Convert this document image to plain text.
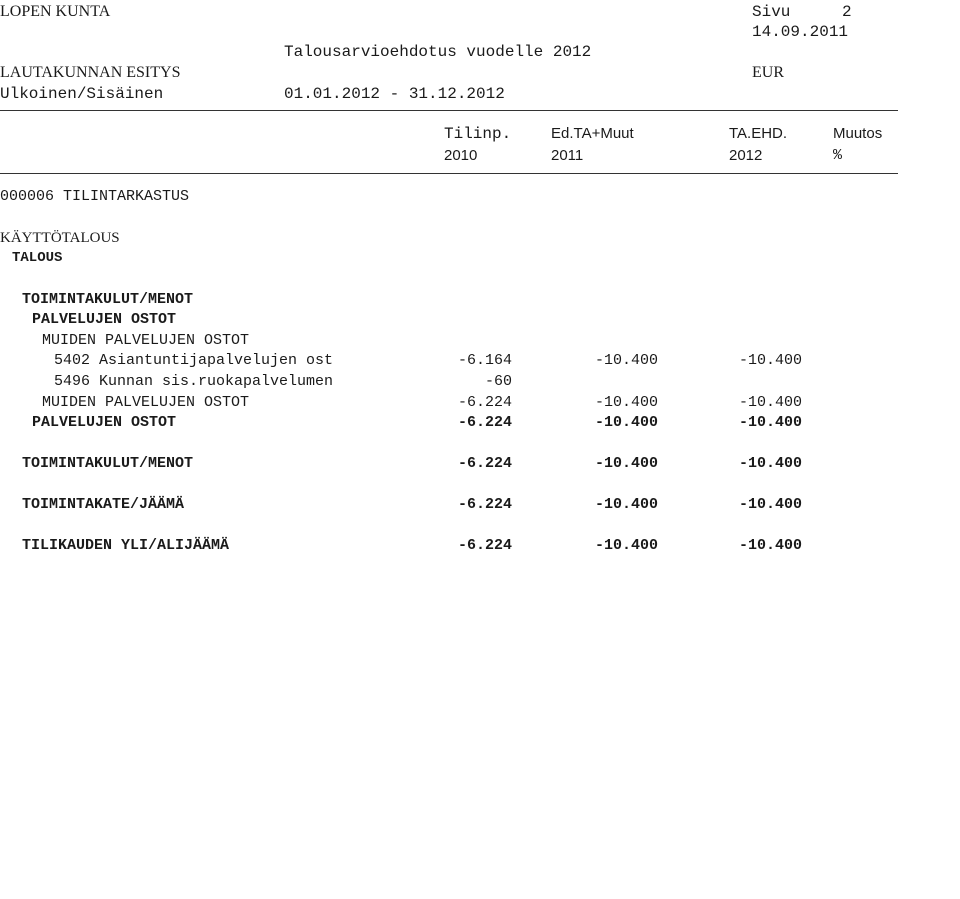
LOPEN KUNTA	Sivu	2
14.09.2011
Talousarvioehdotus vuodelle 2012
LAUTAKUNNAN ESITYS	EUR
Ulkoinen/Sisäinen	01.01.2012 - 31.12.2012
Tilinp.	Ed.TA+Muut	TA.EHD.	Muutos
2010	2011	2012	%
000006 TILINTARKASTUS
KÄYTTÖTALOUS
TALOUS
TOIMINTAKULUT/MENOT
PALVELUJEN OSTOT
MUIDEN PALVELUJEN OSTOT
5402 Asiantuntijapalvelujen ost	-6.164	-10.400	-10.400
5496 Kunnan sis.ruokapalvelumen	-60
MUIDEN PALVELUJEN OSTOT	-6.224	-10.400	-10.400
PALVELUJEN OSTOT	-6.224	-10.400	-10.400
TOIMINTAKULUT/MENOT	-6.224	-10.400	-10.400
TOIMINTAKATE/JÄÄMÄ	-6.224	-10.400	-10.400
TILIKAUDEN YLI/ALIJÄÄMÄ	-6.224	-10.400	-10.400
